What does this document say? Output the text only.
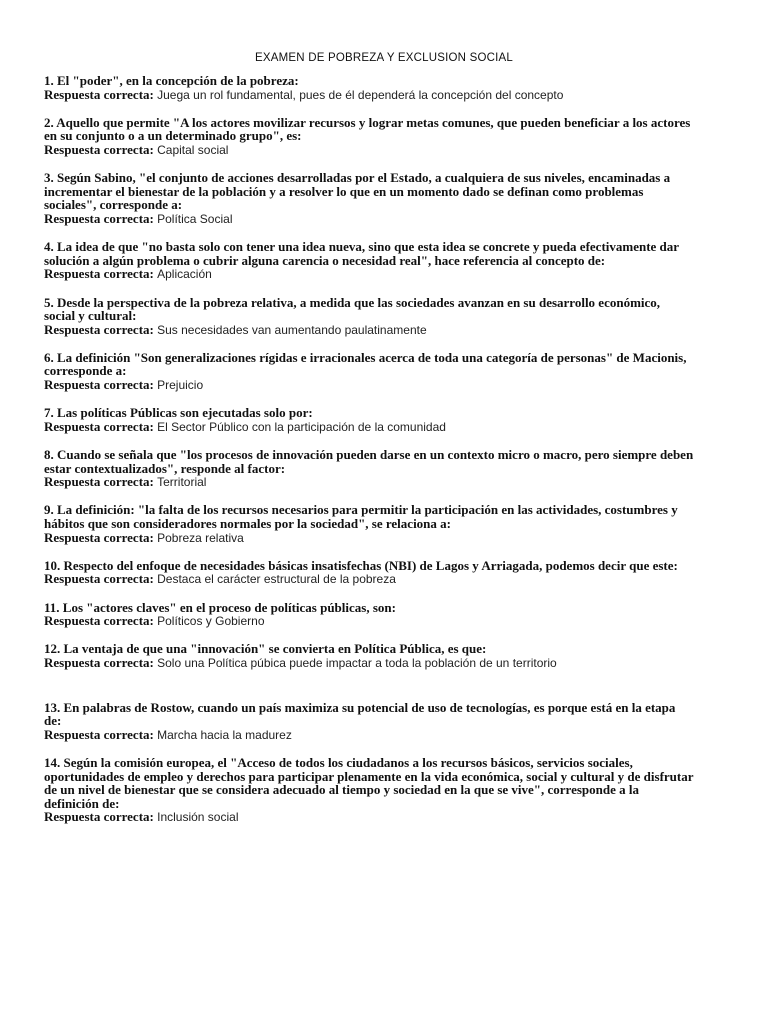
EXAMEN DE POBREZA Y EXCLUSION SOCIAL
1. El "poder", en la concepción de la pobreza:
Respuesta correcta: Juega un rol fundamental, pues de él dependerá la concepción del concepto
2. Aquello que permite "A los actores movilizar recursos y lograr metas comunes, que pueden beneficiar a los actores en su conjunto o a un determinado grupo", es:
Respuesta correcta: Capital social
3. Según Sabino, "el conjunto de acciones desarrolladas por el Estado, a cualquiera de sus niveles, encaminadas a incrementar el bienestar de la población y a resolver lo que en un momento dado se definan como problemas sociales", corresponde a:
Respuesta correcta: Política Social
4. La idea de que "no basta solo con tener una idea nueva, sino que esta idea se concrete y pueda efectivamente dar solución a algún problema o cubrir alguna carencia o necesidad real", hace referencia al concepto de:
Respuesta correcta: Aplicación
5. Desde la perspectiva de la pobreza relativa, a medida que las sociedades avanzan en su desarrollo económico, social y cultural:
Respuesta correcta: Sus necesidades van aumentando paulatinamente
6. La definición "Son generalizaciones rígidas e irracionales acerca de toda una categoría de personas" de Macionis, corresponde a:
Respuesta correcta: Prejuicio
7. Las políticas Públicas son ejecutadas solo por:
Respuesta correcta: El Sector Público con la participación de la comunidad
8. Cuando se señala que "los procesos de innovación pueden darse en un contexto micro o macro, pero siempre deben estar contextualizados", responde al factor:
Respuesta correcta: Territorial
9. La definición: "la falta de los recursos necesarios para permitir la participación en las actividades, costumbres y hábitos que son consideradores normales por la sociedad", se relaciona a:
Respuesta correcta: Pobreza relativa
10. Respecto del enfoque de necesidades básicas insatisfechas (NBI) de Lagos y Arriagada, podemos decir que este:
Respuesta correcta: Destaca el carácter estructural de la pobreza
11. Los "actores claves" en el proceso de políticas públicas, son:
Respuesta correcta: Políticos y Gobierno
12. La ventaja de que una "innovación" se convierta en Política Pública, es que:
Respuesta correcta: Solo una Política púbica puede impactar a toda la población de un territorio
13. En palabras de Rostow, cuando un país maximiza su potencial de uso de tecnologías, es porque está en la etapa de:
Respuesta correcta: Marcha hacia la madurez
14. Según la comisión europea, el "Acceso de todos los ciudadanos a los recursos básicos, servicios sociales, oportunidades de empleo y derechos para participar plenamente en la vida económica, social y cultural y de disfrutar de un nivel de bienestar que se considera adecuado al tiempo y sociedad en la que se vive", corresponde a la definición de:
Respuesta correcta: Inclusión social
